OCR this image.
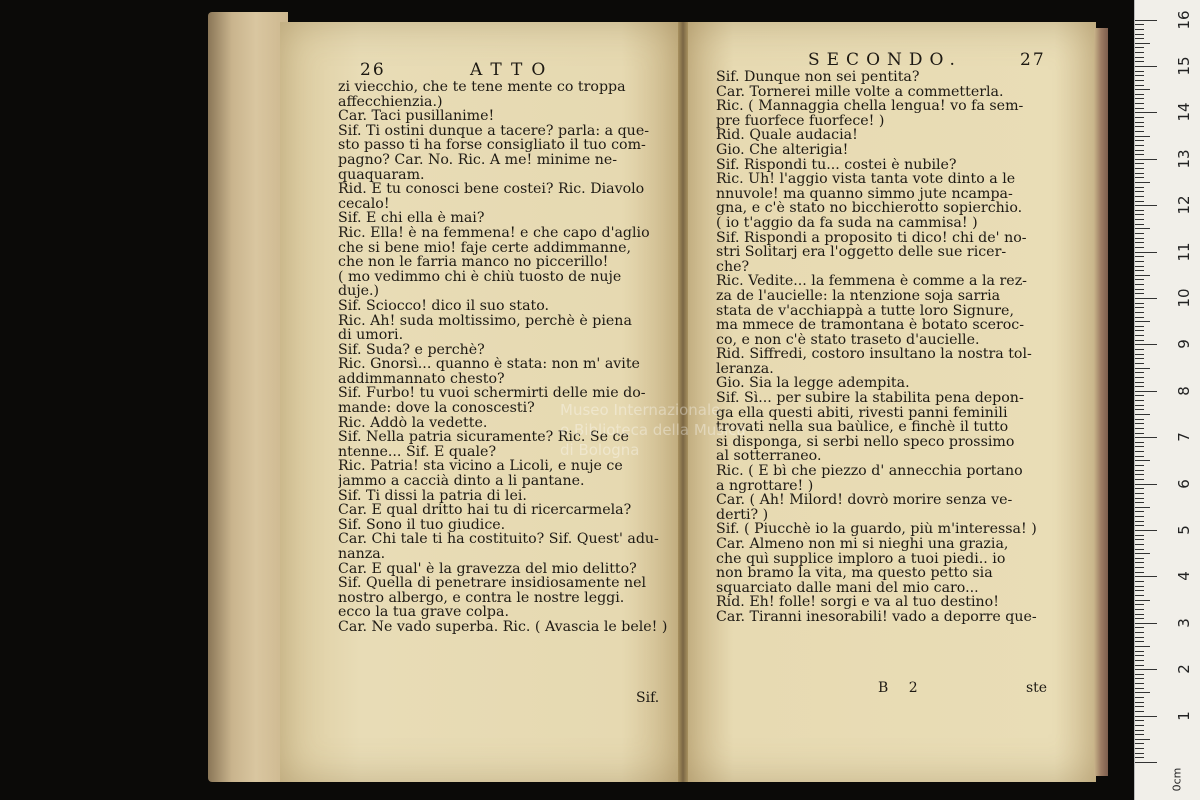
26	ATTO	SECONDO.	27
zi viecchio, che te tene mente co troppa
affecchienzia.)
Car. Taci pusillanime!
Sif. Ti ostini dunque a tacere? parla: a que-
sto passo ti ha forse consigliato il tuo com-
pagno? Car. No. Ric. A me! minime ne-
quaquaram.
Rid. E tu conosci bene costei? Ric. Diavolo
cecalo!
Sif. E chi ella è mai?
Ric. Ella! è na femmena! e che capo d'aglio
che si bene mio! faje certe addimmanne,
che non le farria manco no piccerillo!
( mo vedimmo chi è chiù tuosto de nuje
duje.)
Sif. Sciocco! dico il suo stato.
Ric. Ah! suda moltissimo, perchè è piena
di umori.
Sif. Suda? e perchè?
Ric. Gnorsì... quanno è stata: non m' avite
addimmannato chesto?
Sif. Furbo! tu vuoi schermirti delle mie do-
mande: dove la conoscesti?
Ric. Addò la vedette.
Sif. Nella patria sicuramente? Ric. Se ce
ntenne... Sif. E quale?
Ric. Patria! sta vicino a Licoli, e nuje ce
jammo a caccià dinto a li pantane.
Sif. Ti dissi la patria di lei.
Car. E qual dritto hai tu di ricercarmela?
Sif. Sono il tuo giudice.
Car. Chi tale ti ha costituito? Sif. Quest' adu-
nanza.
Car. E qual' è la gravezza del mio delitto?
Sif. Quella di penetrare insidiosamente nel
nostro albergo, e contra le nostre leggi.
ecco la tua grave colpa.
Car. Ne vado superba. Ric. ( Avascia le bele! )
Sif.
Sif. Dunque non sei pentita?
Car. Tornerei mille volte a commetterla.
Ric. ( Mannaggia chella lengua! vo fa sem-
pre fuorfece fuorfece! )
Rid. Quale audacia!
Gio. Che alterigia!
Sif. Rispondi tu... costei è nubile?
Ric. Uh! l'aggio vista tanta vote dinto a le
nnuvole! ma quanno simmo jute ncampa-
gna, e c'è stato no bicchierotto sopierchio.
( io t'aggio da fa suda na cammisa! )
Sif. Rispondi a proposito ti dico! chi de' no-
stri Solitarj era l'oggetto delle sue ricer-
che?
Ric. Vedite... la femmena è comme a la rez-
za de l'aucielle: la ntenzione soja sarria
stata de v'acchiappà a tutte loro Signure,
ma mmece de tramontana è botato sceroc-
co, e non c'è stato traseto d'aucielle.
Rid. Siffredi, costoro insultano la nostra tol-
leranza.
Gio. Sia la legge adempita.
Sif. Sì... per subire la stabilita pena depon-
ga ella questi abiti, rivesti panni feminili
trovati nella sua baùlice, e finchè il tutto
si disponga, si serbi nello speco prossimo
al sotterraneo.
Ric. ( E bì che piezzo d' annecchia portano
a ngrottare! )
Car. ( Ah! Milord! dovrò morire senza ve-
derti? )
Sif. ( Piucchè io la guardo, più m'interessa! )
Car. Almeno non mi si nieghi una grazia,
che quì supplice imploro a tuoi piedi.. io
non bramo la vita, ma questo petto sia
squarciato dalle mani del mio caro...
Rid. Eh! folle! sorgi e va al tuo destino!
Car. Tiranni inesorabili! vado a deporre que-
B 2	ste
Museo Internazionale
e Biblioteca della Musica
di Bologna
0cm
1
2
3
4
5
6
7
8
9
10
11
12
13
14
15
16
